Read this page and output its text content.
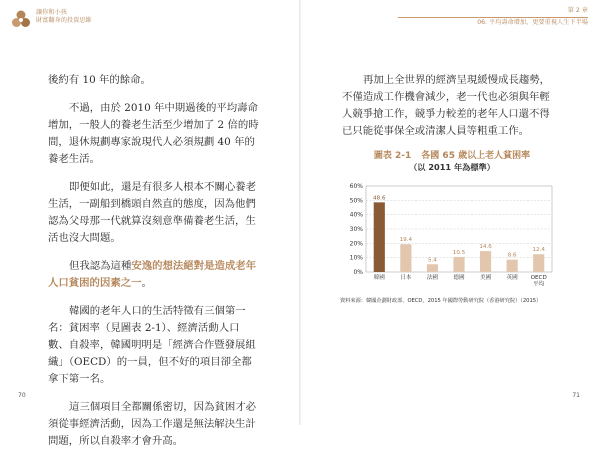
讓你和小孩
財富翻身的投資思維

後約有 10 年的餘命。

不過，由於 2010 年中期過後的平均壽命增加，一般人的養老生活至少增加了 2 倍的時間，退休規劃專家說現代人必須規劃 40 年的養老生活。

即便如此，還是有很多人根本不關心養老生活，一副船到橋頭自然直的態度，因為他們認為父母那一代就算沒刻意準備養老生活，生活也沒大問題。

但我認為這種安逸的想法絕對是造成老年人口貧困的因素之一。

韓國的老年人口的生活特徵有三個第一名：貧困率（見圖表 2-1）、經濟活動人口數、自殺率，韓國明明是「經濟合作暨發展組織」（OECD）的一員，但不好的項目卻全都拿下第一名。

這三個項目全都關係密切，因為貧困才必須從事經濟活動，因為工作還是無法解決生計問題，所以自殺率才會升高。

70
第 2 章
06. 平均壽命增加，更要重視人生下半場
71

再加上全世界的經濟呈現緩慢成長趨勢，不僅造成工作機會減少，老一代也必須與年輕人競爭搶工作，競爭力較差的老年人口還不得已只能從事保全或清潔人員等粗重工作。

圖表 2-1 各國 65 歲以上老人貧困率
（以 2011 年為標準）
60%
50%
40%
30%
20%
10%
0%
48.6
韓國
19.4
日本
5.4
法國
10.5
德國
14.6
美國
8.6
英國
12.4
OECD
平均
資料來源：韓國企劃財政部、OECD，2015 年國際勞動研究院（香港研究院）（2015）
